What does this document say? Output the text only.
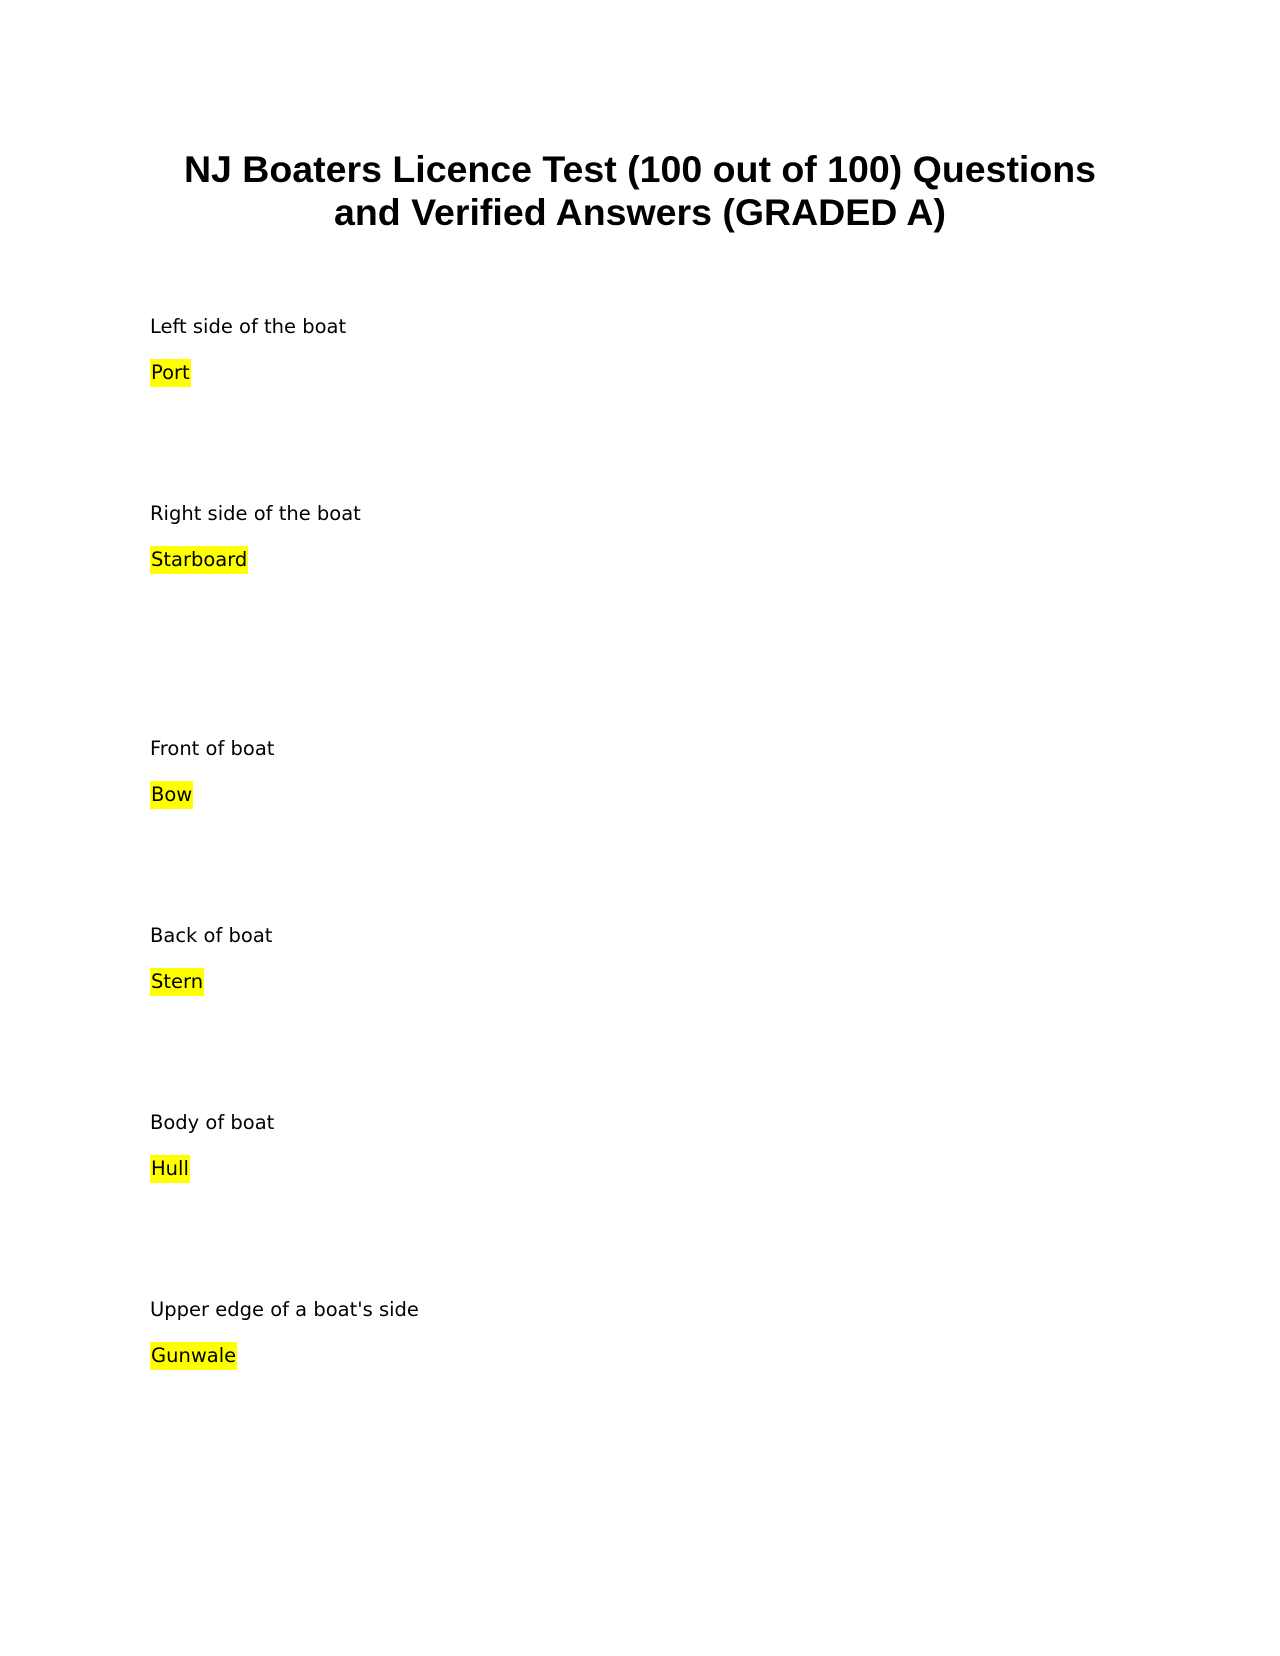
NJ Boaters Licence Test (100 out of 100) Questions
and Verified Answers (GRADED A)
Left side of the boat
Port
Right side of the boat
Starboard
Front of boat
Bow
Back of boat
Stern
Body of boat
Hull
Upper edge of a boat's side
Gunwale
